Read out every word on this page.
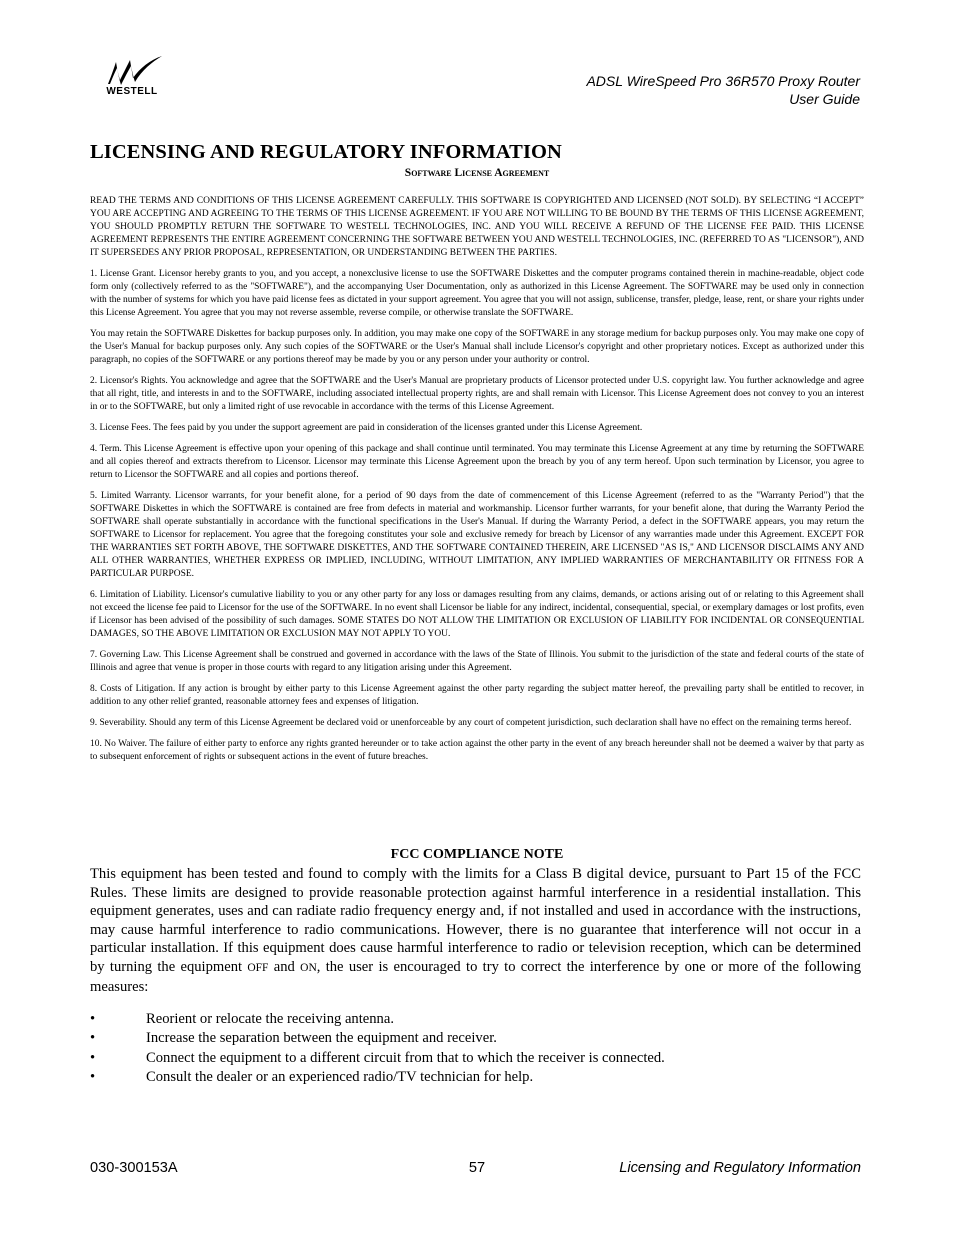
WESTELL
ADSL WireSpeed Pro 36R570 Proxy Router
User Guide
LICENSING AND REGULATORY INFORMATION
Software License Agreement

READ THE TERMS AND CONDITIONS OF THIS LICENSE AGREEMENT CAREFULLY. THIS SOFTWARE IS COPYRIGHTED AND LICENSED (NOT SOLD). BY SELECTING “I ACCEPT” YOU ARE ACCEPTING AND AGREEING TO THE TERMS OF THIS LICENSE AGREEMENT. IF YOU ARE NOT WILLING TO BE BOUND BY THE TERMS OF THIS LICENSE AGREEMENT, YOU SHOULD PROMPTLY RETURN THE SOFTWARE TO WESTELL TECHNOLOGIES, INC. AND YOU WILL RECEIVE A REFUND OF THE LICENSE FEE PAID. THIS LICENSE AGREEMENT REPRESENTS THE ENTIRE AGREEMENT CONCERNING THE SOFTWARE BETWEEN YOU AND WESTELL TECHNOLOGIES, INC. (REFERRED TO AS "LICENSOR"), AND IT SUPERSEDES ANY PRIOR PROPOSAL, REPRESENTATION, OR UNDERSTANDING BETWEEN THE PARTIES.

1. License Grant. Licensor hereby grants to you, and you accept, a nonexclusive license to use the SOFTWARE Diskettes and the computer programs contained therein in machine-readable, object code form only (collectively referred to as the "SOFTWARE"), and the accompanying User Documentation, only as authorized in this License Agreement. The SOFTWARE may be used only in connection with the number of systems for which you have paid license fees as dictated in your support agreement. You agree that you will not assign, sublicense, transfer, pledge, lease, rent, or share your rights under this License Agreement. You agree that you may not reverse assemble, reverse compile, or otherwise translate the SOFTWARE.

You may retain the SOFTWARE Diskettes for backup purposes only. In addition, you may make one copy of the SOFTWARE in any storage medium for backup purposes only. You may make one copy of the User's Manual for backup purposes only. Any such copies of the SOFTWARE or the User's Manual shall include Licensor's copyright and other proprietary notices. Except as authorized under this paragraph, no copies of the SOFTWARE or any portions thereof may be made by you or any person under your authority or control.

2. Licensor's Rights. You acknowledge and agree that the SOFTWARE and the User's Manual are proprietary products of Licensor protected under U.S. copyright law. You further acknowledge and agree that all right, title, and interests in and to the SOFTWARE, including associated intellectual property rights, are and shall remain with Licensor. This License Agreement does not convey to you an interest in or to the SOFTWARE, but only a limited right of use revocable in accordance with the terms of this License Agreement.

3. License Fees. The fees paid by you under the support agreement are paid in consideration of the licenses granted under this License Agreement.

4. Term. This License Agreement is effective upon your opening of this package and shall continue until terminated. You may terminate this License Agreement at any time by returning the SOFTWARE and all copies thereof and extracts therefrom to Licensor. Licensor may terminate this License Agreement upon the breach by you of any term hereof. Upon such termination by Licensor, you agree to return to Licensor the SOFTWARE and all copies and portions thereof.

5. Limited Warranty. Licensor warrants, for your benefit alone, for a period of 90 days from the date of commencement of this License Agreement (referred to as the "Warranty Period") that the SOFTWARE Diskettes in which the SOFTWARE is contained are free from defects in material and workmanship. Licensor further warrants, for your benefit alone, that during the Warranty Period the SOFTWARE shall operate substantially in accordance with the functional specifications in the User's Manual. If during the Warranty Period, a defect in the SOFTWARE appears, you may return the SOFTWARE to Licensor for replacement. You agree that the foregoing constitutes your sole and exclusive remedy for breach by Licensor of any warranties made under this Agreement. EXCEPT FOR THE WARRANTIES SET FORTH ABOVE, THE SOFTWARE DISKETTES, AND THE SOFTWARE CONTAINED THEREIN, ARE LICENSED "AS IS," AND LICENSOR DISCLAIMS ANY AND ALL OTHER WARRANTIES, WHETHER EXPRESS OR IMPLIED, INCLUDING, WITHOUT LIMITATION, ANY IMPLIED WARRANTIES OF MERCHANTABILITY OR FITNESS FOR A PARTICULAR PURPOSE.

6. Limitation of Liability. Licensor's cumulative liability to you or any other party for any loss or damages resulting from any claims, demands, or actions arising out of or relating to this Agreement shall not exceed the license fee paid to Licensor for the use of the SOFTWARE. In no event shall Licensor be liable for any indirect, incidental, consequential, special, or exemplary damages or lost profits, even if Licensor has been advised of the possibility of such damages. SOME STATES DO NOT ALLOW THE LIMITATION OR EXCLUSION OF LIABILITY FOR INCIDENTAL OR CONSEQUENTIAL DAMAGES, SO THE ABOVE LIMITATION OR EXCLUSION MAY NOT APPLY TO YOU.

7. Governing Law. This License Agreement shall be construed and governed in accordance with the laws of the State of Illinois. You submit to the jurisdiction of the state and federal courts of the state of Illinois and agree that venue is proper in those courts with regard to any litigation arising under this Agreement.

8. Costs of Litigation. If any action is brought by either party to this License Agreement against the other party regarding the subject matter hereof, the prevailing party shall be entitled to recover, in addition to any other relief granted, reasonable attorney fees and expenses of litigation.

9. Severability. Should any term of this License Agreement be declared void or unenforceable by any court of competent jurisdiction, such declaration shall have no effect on the remaining terms hereof.

10. No Waiver. The failure of either party to enforce any rights granted hereunder or to take action against the other party in the event of any breach hereunder shall not be deemed a waiver by that party as to subsequent enforcement of rights or subsequent actions in the event of future breaches.

FCC COMPLIANCE NOTE

This equipment has been tested and found to comply with the limits for a Class B digital device, pursuant to Part 15 of the FCC Rules. These limits are designed to provide reasonable protection against harmful interference in a residential installation. This equipment generates, uses and can radiate radio frequency energy and, if not installed and used in accordance with the instructions, may cause harmful interference to radio communications. However, there is no guarantee that interference will not occur in a particular installation. If this equipment does cause harmful interference to radio or television reception, which can be determined by turning the equipment OFF and ON, the user is encouraged to try to correct the interference by one or more of the following measures:

•	Reorient or relocate the receiving antenna.
•	Increase the separation between the equipment and receiver.
•	Connect the equipment to a different circuit from that to which the receiver is connected.
•	Consult the dealer or an experienced radio/TV technician for help.
030-300153A	57	Licensing and Regulatory Information
